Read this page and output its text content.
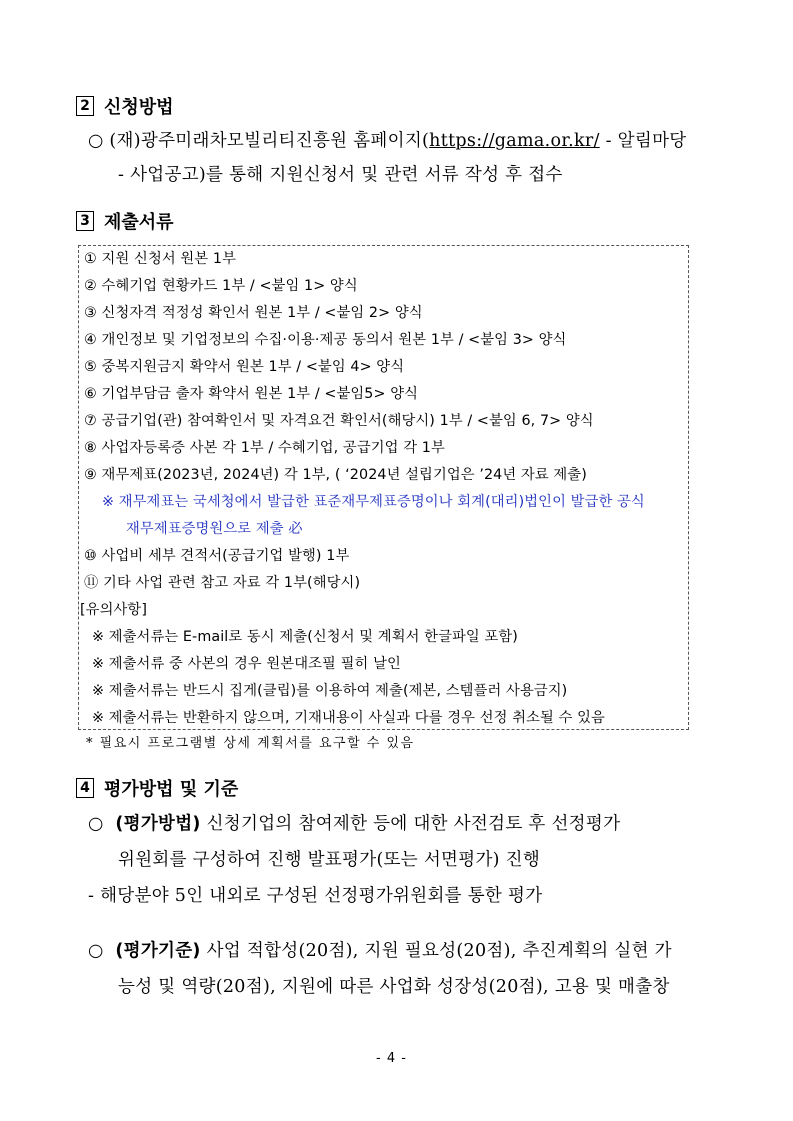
2 신청방법
○ (재)광주미래차모빌리티진흥원 홈페이지(https://gama.or.kr/ - 알림마당
- 사업공고)를 통해 지원신청서 및 관련 서류 작성 후 접수
3 제출서류
① 지원 신청서 원본 1부
② 수혜기업 현황카드 1부 / <붙임 1> 양식
③ 신청자격 적정성 확인서 원본 1부 / <붙임 2> 양식
④ 개인정보 및 기업정보의 수집·이용·제공 동의서 원본 1부 / <붙임 3> 양식
⑤ 중복지원금지 확약서 원본 1부 / <붙임 4> 양식
⑥ 기업부담금 출자 확약서 원본 1부 / <붙임5> 양식
⑦ 공급기업(관) 참여확인서 및 자격요건 확인서(해당시) 1부 / <붙임 6, 7> 양식
⑧ 사업자등록증 사본 각 1부 / 수혜기업, 공급기업 각 1부
⑨ 재무제표(2023년, 2024년) 각 1부, ( ‘2024년 설립기업은 ’24년 자료 제출)
※ 재무제표는 국세청에서 발급한 표준재무제표증명이나 회계(대리)법인이 발급한 공식
재무제표증명원으로 제출 必
⑩ 사업비 세부 견적서(공급기업 발행) 1부
⑪ 기타 사업 관련 참고 자료 각 1부(해당시)
[유의사항]
※ 제출서류는 E-mail로 동시 제출(신청서 및 계획서 한글파일 포함)
※ 제출서류 중 사본의 경우 원본대조필 필히 날인
※ 제출서류는 반드시 집게(클립)를 이용하여 제출(제본, 스템플러 사용금지)
※ 제출서류는 반환하지 않으며, 기재내용이 사실과 다를 경우 선정 취소될 수 있음
* 필요시 프로그램별 상세 계획서를 요구할 수 있음
4 평가방법 및 기준
○ (평가방법) 신청기업의 참여제한 등에 대한 사전검토 후 선정평가
위원회를 구성하여 진행 발표평가(또는 서면평가) 진행
- 해당분야 5인 내외로 구성된 선정평가위원회를 통한 평가
○ (평가기준) 사업 적합성(20점), 지원 필요성(20점), 추진계획의 실현 가
능성 및 역량(20점), 지원에 따른 사업화 성장성(20점), 고용 및 매출창
- 4 -
